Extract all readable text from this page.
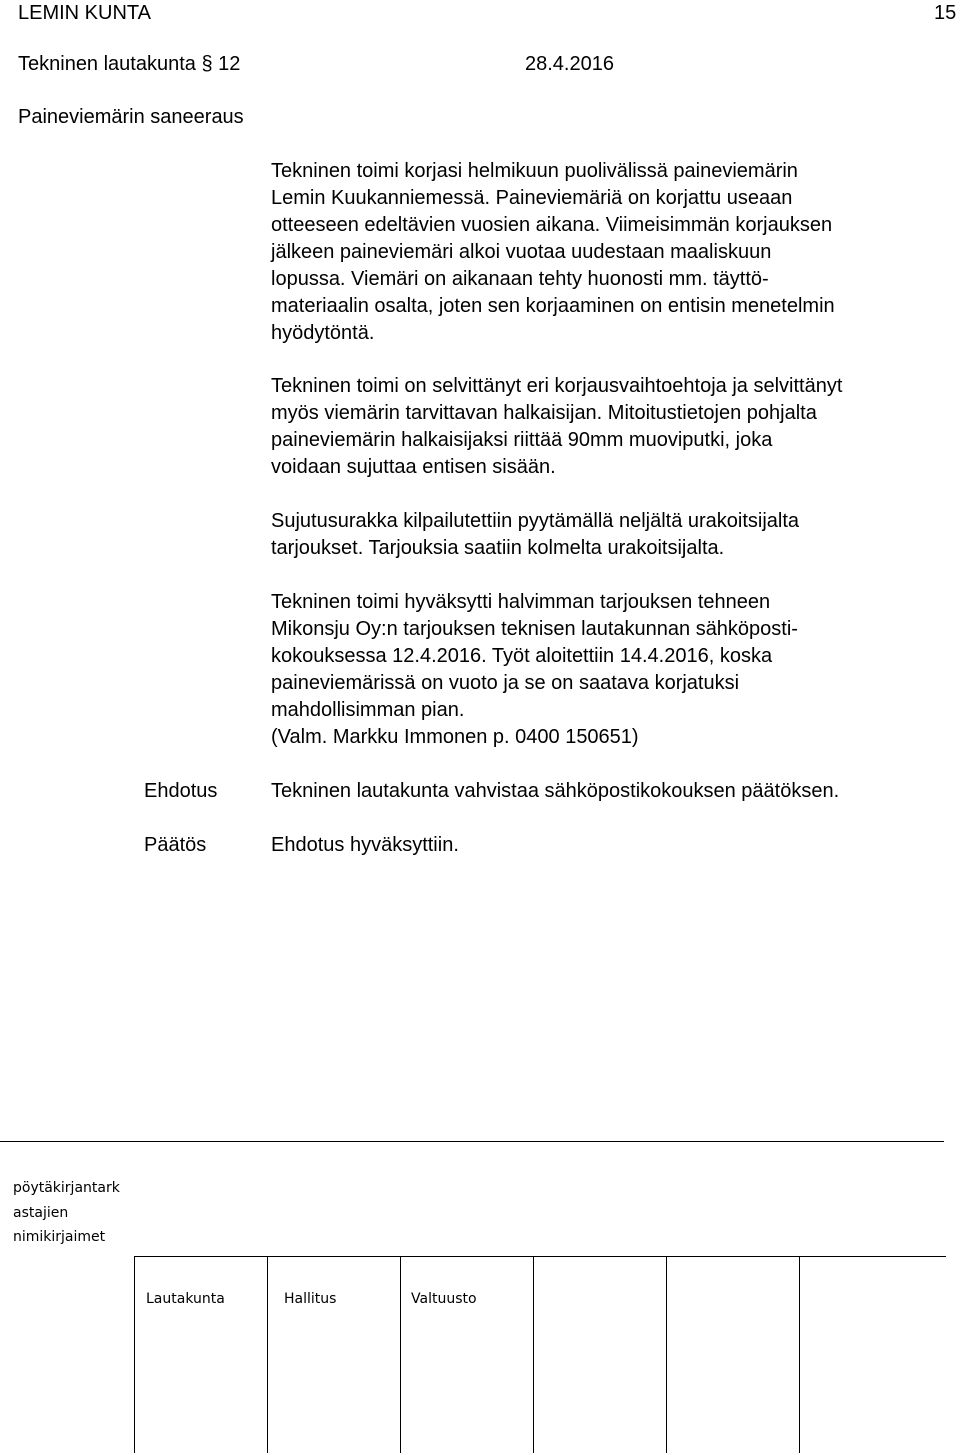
LEMIN KUNTA	15
Tekninen lautakunta § 12	28.4.2016
Paineviemärin saneeraus
Tekninen toimi korjasi helmikuun puolivälissä paineviemärin
Lemin Kuukanniemessä. Paineviemäriä on korjattu useaan
otteeseen edeltävien vuosien aikana. Viimeisimmän korjauksen
jälkeen paineviemäri alkoi vuotaa uudestaan maaliskuun
lopussa. Viemäri on aikanaan tehty huonosti mm. täyttö-
materiaalin osalta, joten sen korjaaminen on entisin menetelmin
hyödytöntä.
Tekninen toimi on selvittänyt eri korjausvaihtoehtoja ja selvittänyt
myös viemärin tarvittavan halkaisijan. Mitoitustietojen pohjalta
paineviemärin halkaisijaksi riittää 90mm muoviputki, joka
voidaan sujuttaa entisen sisään.
Sujutusurakka kilpailutettiin pyytämällä neljältä urakoitsijalta
tarjoukset. Tarjouksia saatiin kolmelta urakoitsijalta.
Tekninen toimi hyväksytti halvimman tarjouksen tehneen
Mikonsju Oy:n tarjouksen teknisen lautakunnan sähköposti-
kokouksessa 12.4.2016. Työt aloitettiin 14.4.2016, koska
paineviemärissä on vuoto ja se on saatava korjatuksi
mahdollisimman pian.
(Valm. Markku Immonen p. 0400 150651)
Ehdotus	Tekninen lautakunta vahvistaa sähköpostikokouksen päätöksen.
Päätös	Ehdotus hyväksyttiin.
pöytäkirjantark
astajien
nimikirjaimet
Lautakunta	Hallitus	Valtuusto
